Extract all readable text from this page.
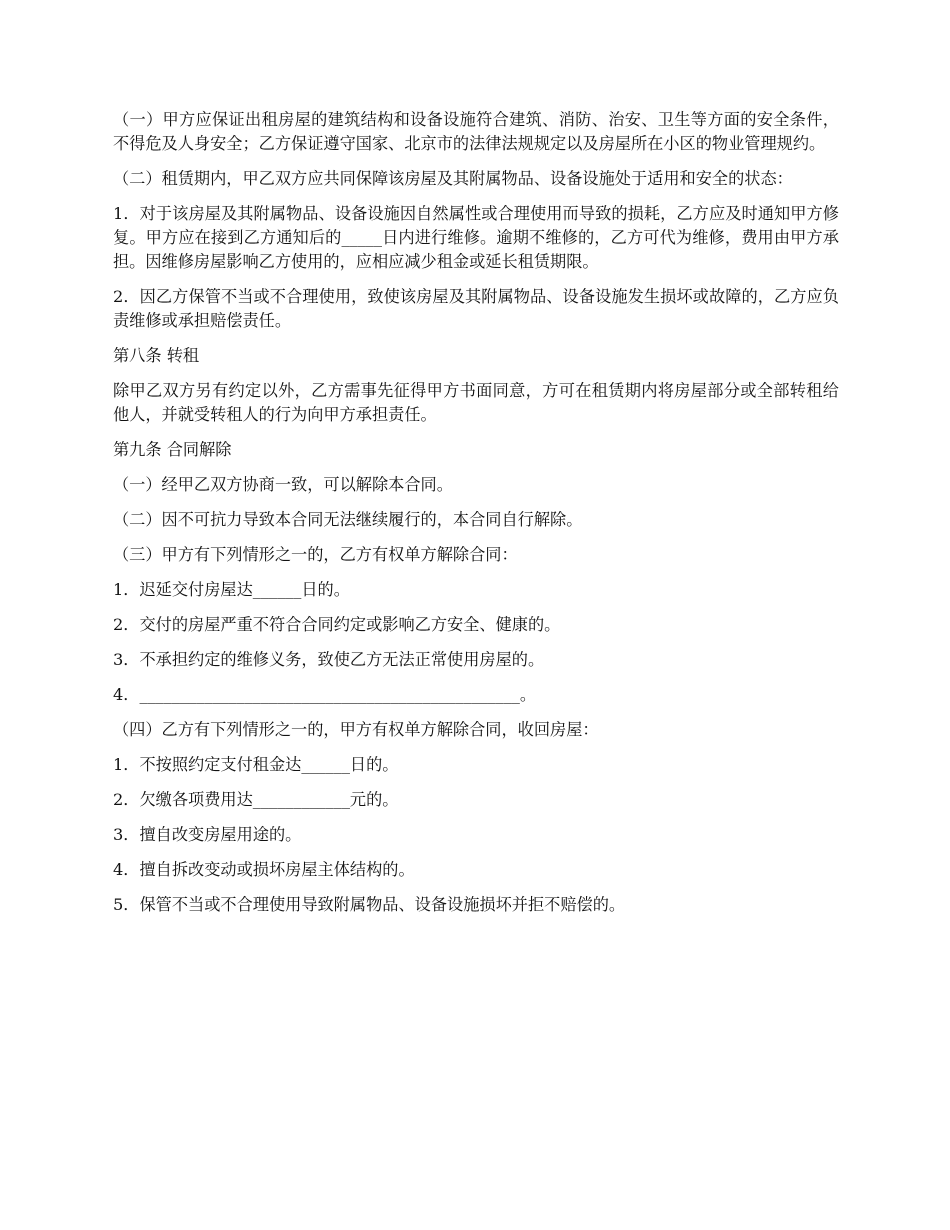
（一）甲方应保证出租房屋的建筑结构和设备设施符合建筑、消防、治安、卫生等方面的安全条件，不得危及人身安全；乙方保证遵守国家、北京市的法律法规规定以及房屋所在小区的物业管理规约。

（二）租赁期内，甲乙双方应共同保障该房屋及其附属物品、设备设施处于适用和安全的状态：

1．对于该房屋及其附属物品、设备设施因自然属性或合理使用而导致的损耗，乙方应及时通知甲方修复。甲方应在接到乙方通知后的_____日内进行维修。逾期不维修的，乙方可代为维修，费用由甲方承担。因维修房屋影响乙方使用的，应相应减少租金或延长租赁期限。

2．因乙方保管不当或不合理使用，致使该房屋及其附属物品、设备设施发生损坏或故障的，乙方应负责维修或承担赔偿责任。

第八条 转租

除甲乙双方另有约定以外，乙方需事先征得甲方书面同意，方可在租赁期内将房屋部分或全部转租给他人，并就受转租人的行为向甲方承担责任。

第九条 合同解除

（一）经甲乙双方协商一致，可以解除本合同。

（二）因不可抗力导致本合同无法继续履行的，本合同自行解除。

（三）甲方有下列情形之一的，乙方有权单方解除合同：

1．迟延交付房屋达______日的。

2．交付的房屋严重不符合合同约定或影响乙方安全、健康的。

3．不承担约定的维修义务，致使乙方无法正常使用房屋的。

4．_______________________________________________。

（四）乙方有下列情形之一的，甲方有权单方解除合同，收回房屋：

1．不按照约定支付租金达______日的。

2．欠缴各项费用达____________元的。

3．擅自改变房屋用途的。

4．擅自拆改变动或损坏房屋主体结构的。

5．保管不当或不合理使用导致附属物品、设备设施损坏并拒不赔偿的。
